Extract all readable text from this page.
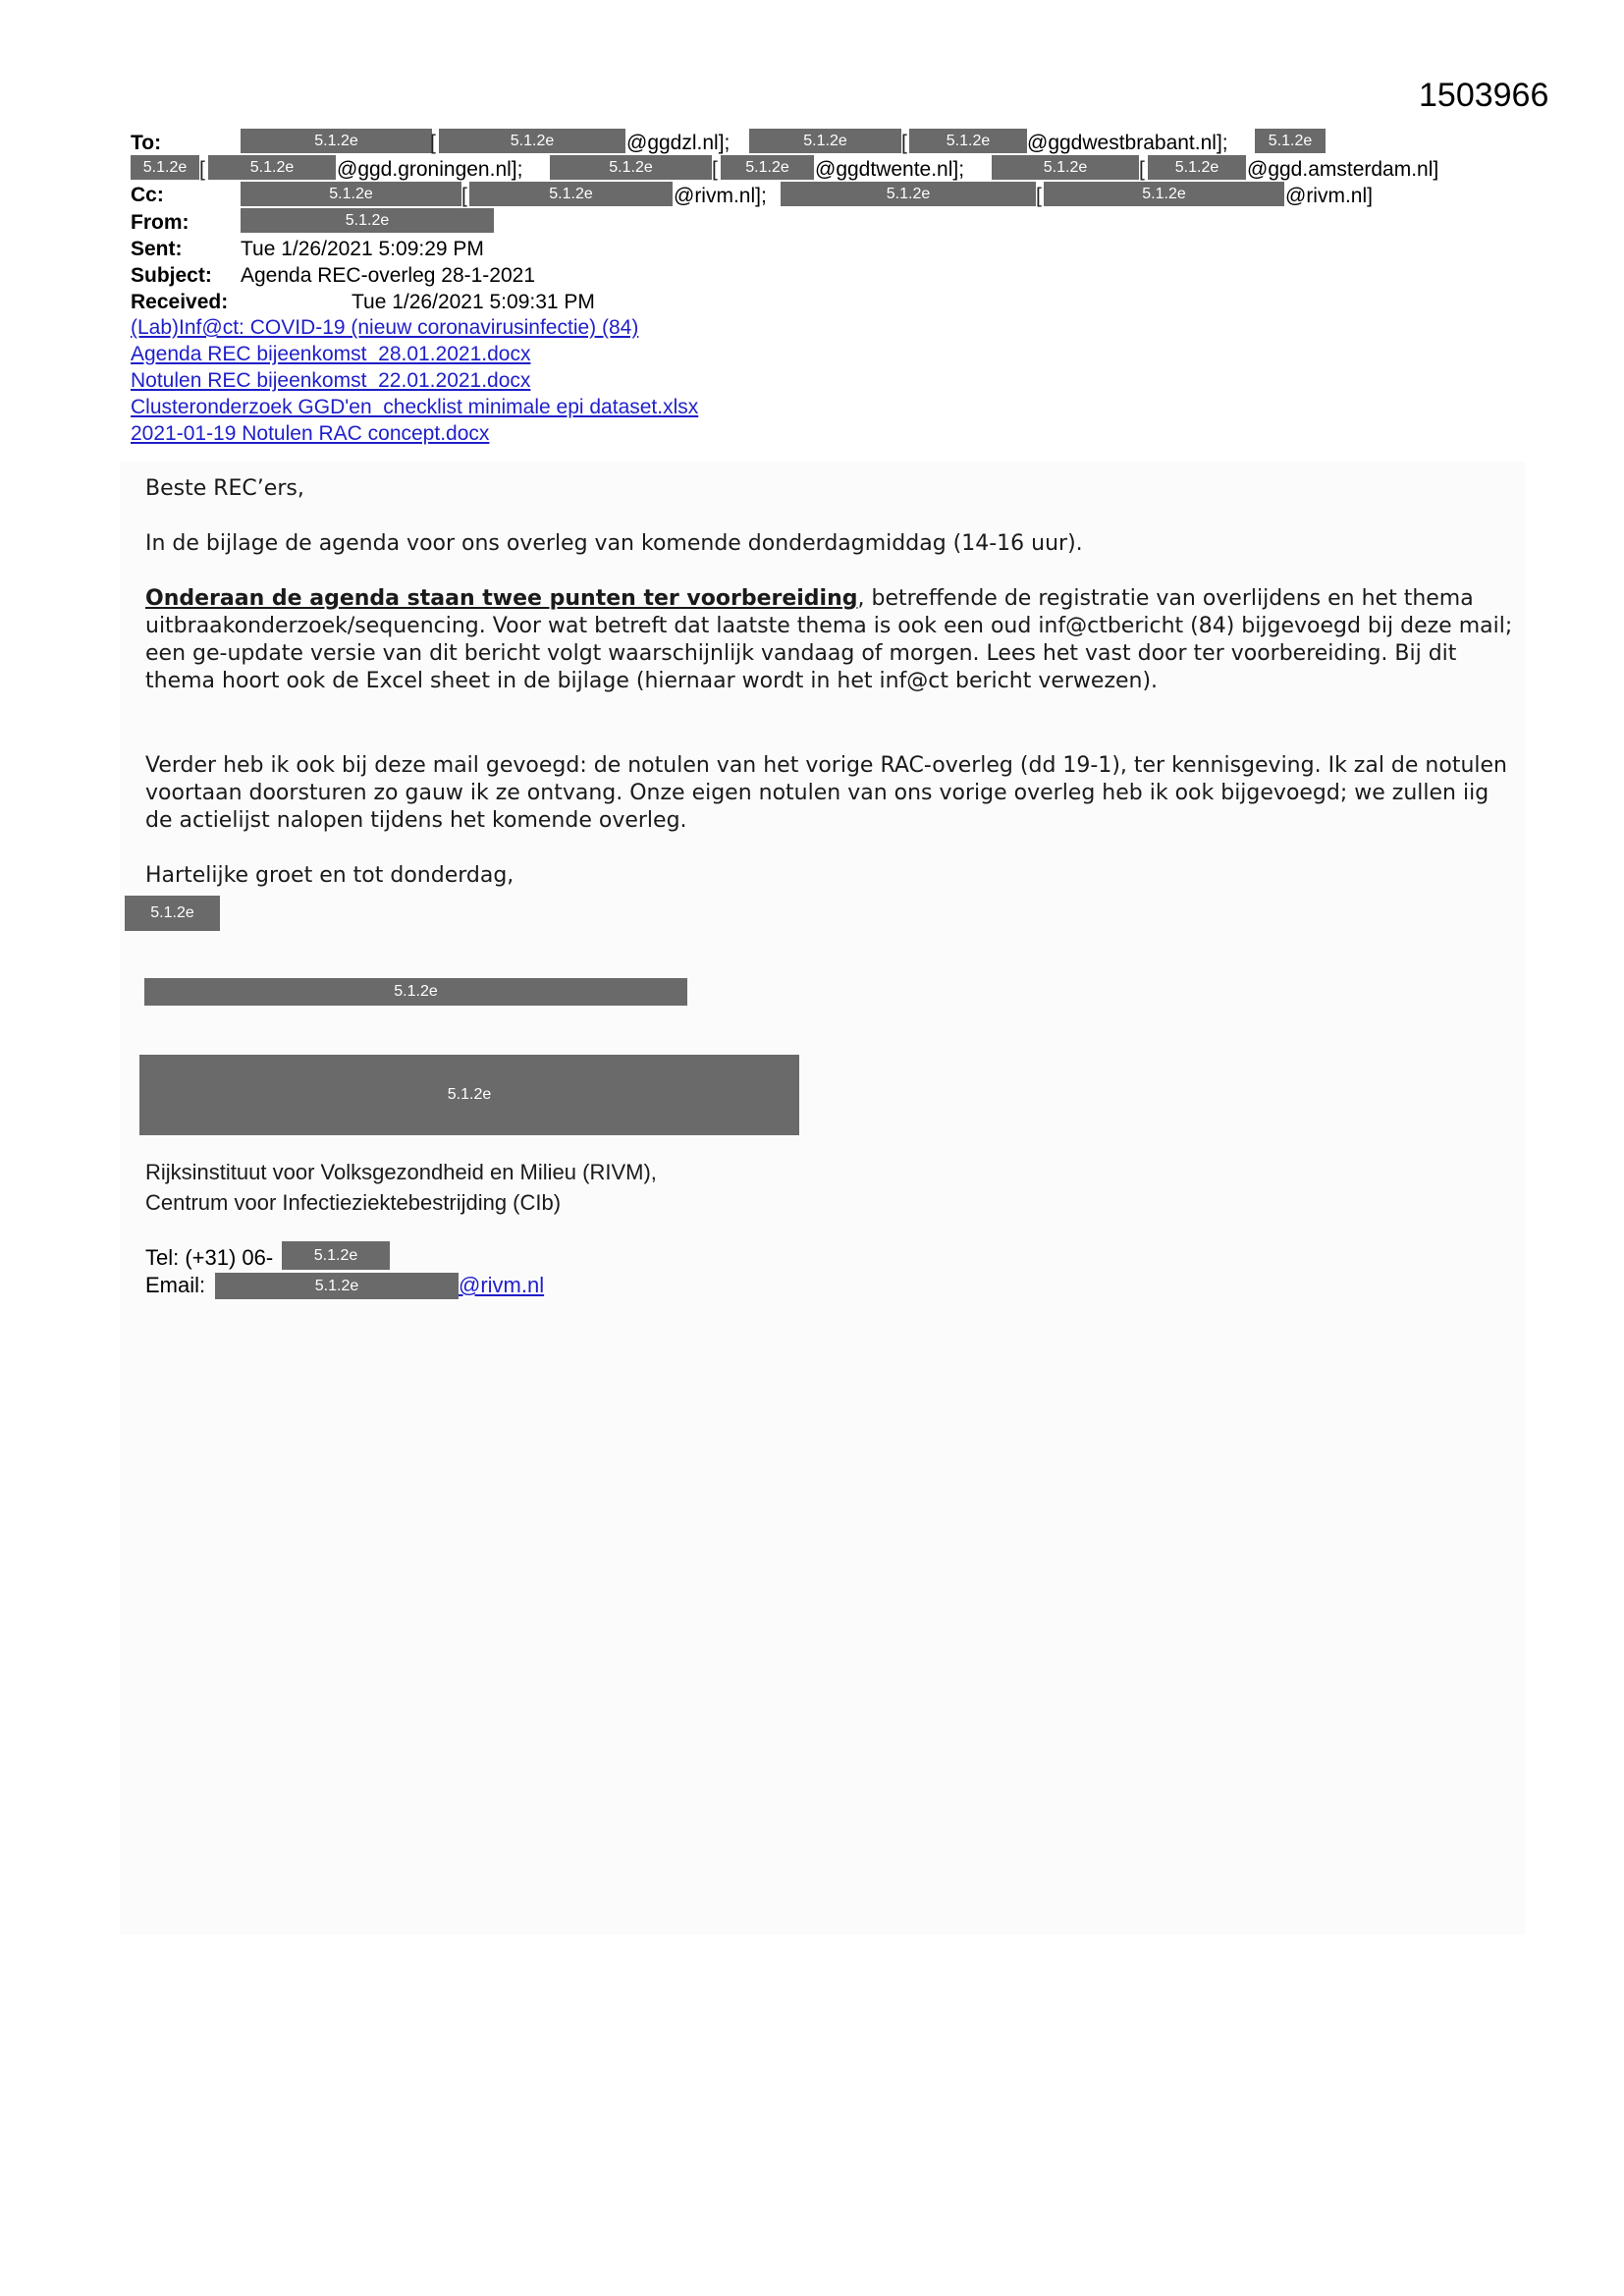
1503966
To:	5.1.2e	[	5.1.2e	@ggdzl.nl];	5.1.2e	[	5.1.2e	@ggdwestbrabant.nl];	5.1.2e
5.1.2e [	5.1.2e	@ggd.groningen.nl];	5.1.2e	[	5.1.2e	@ggdtwente.nl];	5.1.2e	[	5.1.2e	@ggd.amsterdam.nl]
Cc:	5.1.2e	[	5.1.2e	@rivm.nl];	5.1.2e	[	5.1.2e	@rivm.nl]
From:	5.1.2e
Sent:	Tue 1/26/2021 5:09:29 PM
Subject: Agenda REC-overleg 28-1-2021
Received:	Tue 1/26/2021 5:09:31 PM
(Lab)Inf@ct: COVID-19 (nieuw coronavirusinfectie) (84)
Agenda REC bijeenkomst_28.01.2021.docx
Notulen REC bijeenkomst_22.01.2021.docx
Clusteronderzoek GGD'en_checklist minimale epi dataset.xlsx
2021-01-19 Notulen RAC concept.docx

Beste REC’ers,

In de bijlage de agenda voor ons overleg van komende donderdagmiddag (14-16 uur).

Onderaan de agenda staan twee punten ter voorbereiding, betreffende de registratie van overlijdens en het thema uitbraakonderzoek/sequencing. Voor wat betreft dat laatste thema is ook een oud inf@ctbericht (84) bijgevoegd bij deze mail; een ge-update versie van dit bericht volgt waarschijnlijk vandaag of morgen. Lees het vast door ter voorbereiding. Bij dit thema hoort ook de Excel sheet in de bijlage (hiernaar wordt in het inf@ct bericht verwezen).

Verder heb ik ook bij deze mail gevoegd: de notulen van het vorige RAC-overleg (dd 19-1), ter kennisgeving. Ik zal de notulen voortaan doorsturen zo gauw ik ze ontvang. Onze eigen notulen van ons vorige overleg heb ik ook bijgevoegd; we zullen iig de actielijst nalopen tijdens het komende overleg.

Hartelijke groet en tot donderdag,

5.1.2e
5.1.2e
5.1.2e
Rijksinstituut voor Volksgezondheid en Milieu (RIVM),
Centrum voor Infectieziektebestrijding (CIb)
Tel: (+31) 06-	5.1.2e
Email:	5.1.2e	@rivm.nl
